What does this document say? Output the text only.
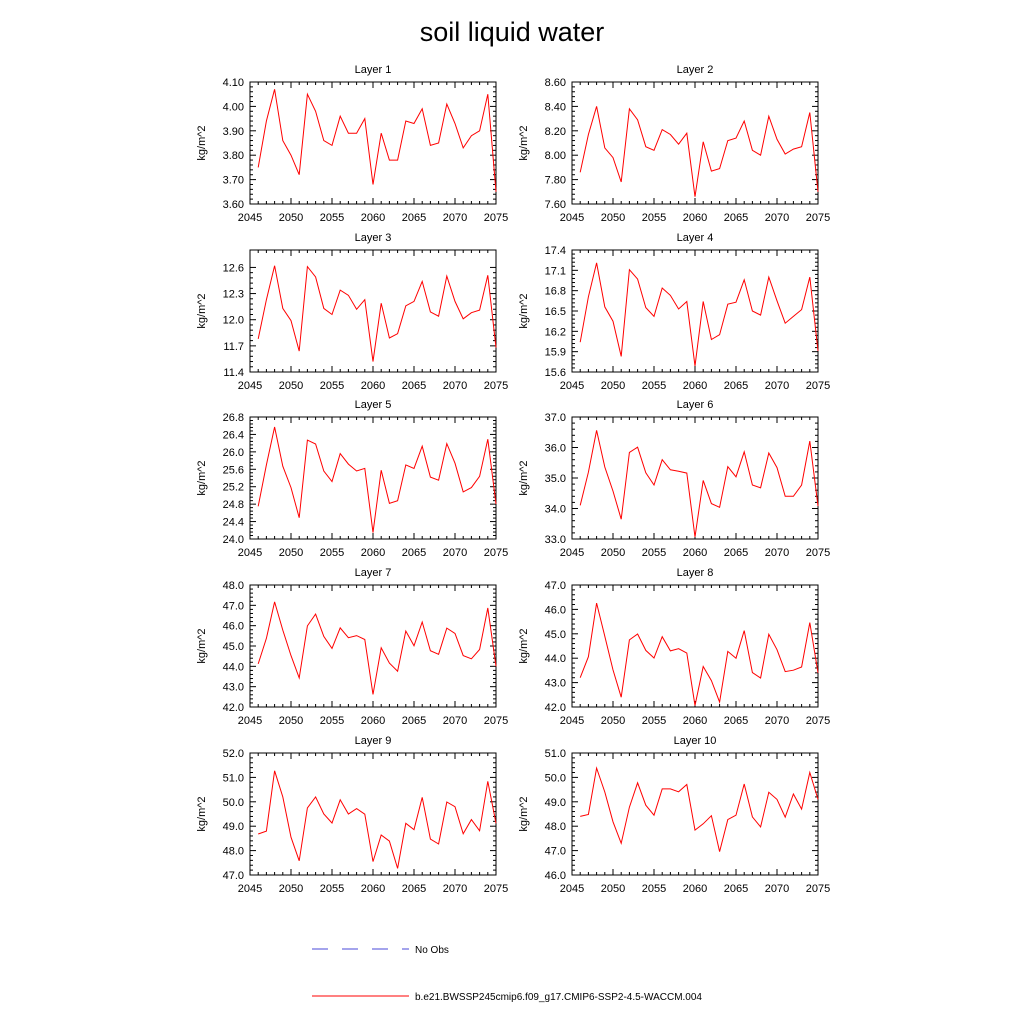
soil liquid water
Layer 1
kg/m^2
2045 2050 2055 2060 2065 2070 2075
3.60
3.70
3.80
3.90
4.00
4.10
Layer 2
kg/m^2
2045 2050 2055 2060 2065 2070 2075
7.60
7.80
8.00
8.20
8.40
8.60
Layer 3
kg/m^2
2045 2050 2055 2060 2065 2070 2075
11.4
11.7
12.0
12.3
12.6
Layer 4
kg/m^2
2045 2050 2055 2060 2065 2070 2075
15.6
15.9
16.2
16.5
16.8
17.1
17.4
Layer 5
kg/m^2
2045 2050 2055 2060 2065 2070 2075
24.0
24.4
24.8
25.2
25.6
26.0
26.4
26.8
Layer 6
kg/m^2
2045 2050 2055 2060 2065 2070 2075
33.0
34.0
35.0
36.0
37.0
Layer 7
kg/m^2
2045 2050 2055 2060 2065 2070 2075
42.0
43.0
44.0
45.0
46.0
47.0
48.0
Layer 8
kg/m^2
2045 2050 2055 2060 2065 2070 2075
42.0
43.0
44.0
45.0
46.0
47.0
Layer 9
kg/m^2
2045 2050 2055 2060 2065 2070 2075
47.0
48.0
49.0
50.0
51.0
52.0
Layer 10
kg/m^2
2045 2050 2055 2060 2065 2070 2075
46.0
47.0
48.0
49.0
50.0
51.0
No Obs
b.e21.BWSSP245cmip6.f09_g17.CMIP6-SSP2-4.5-WACCM.004
